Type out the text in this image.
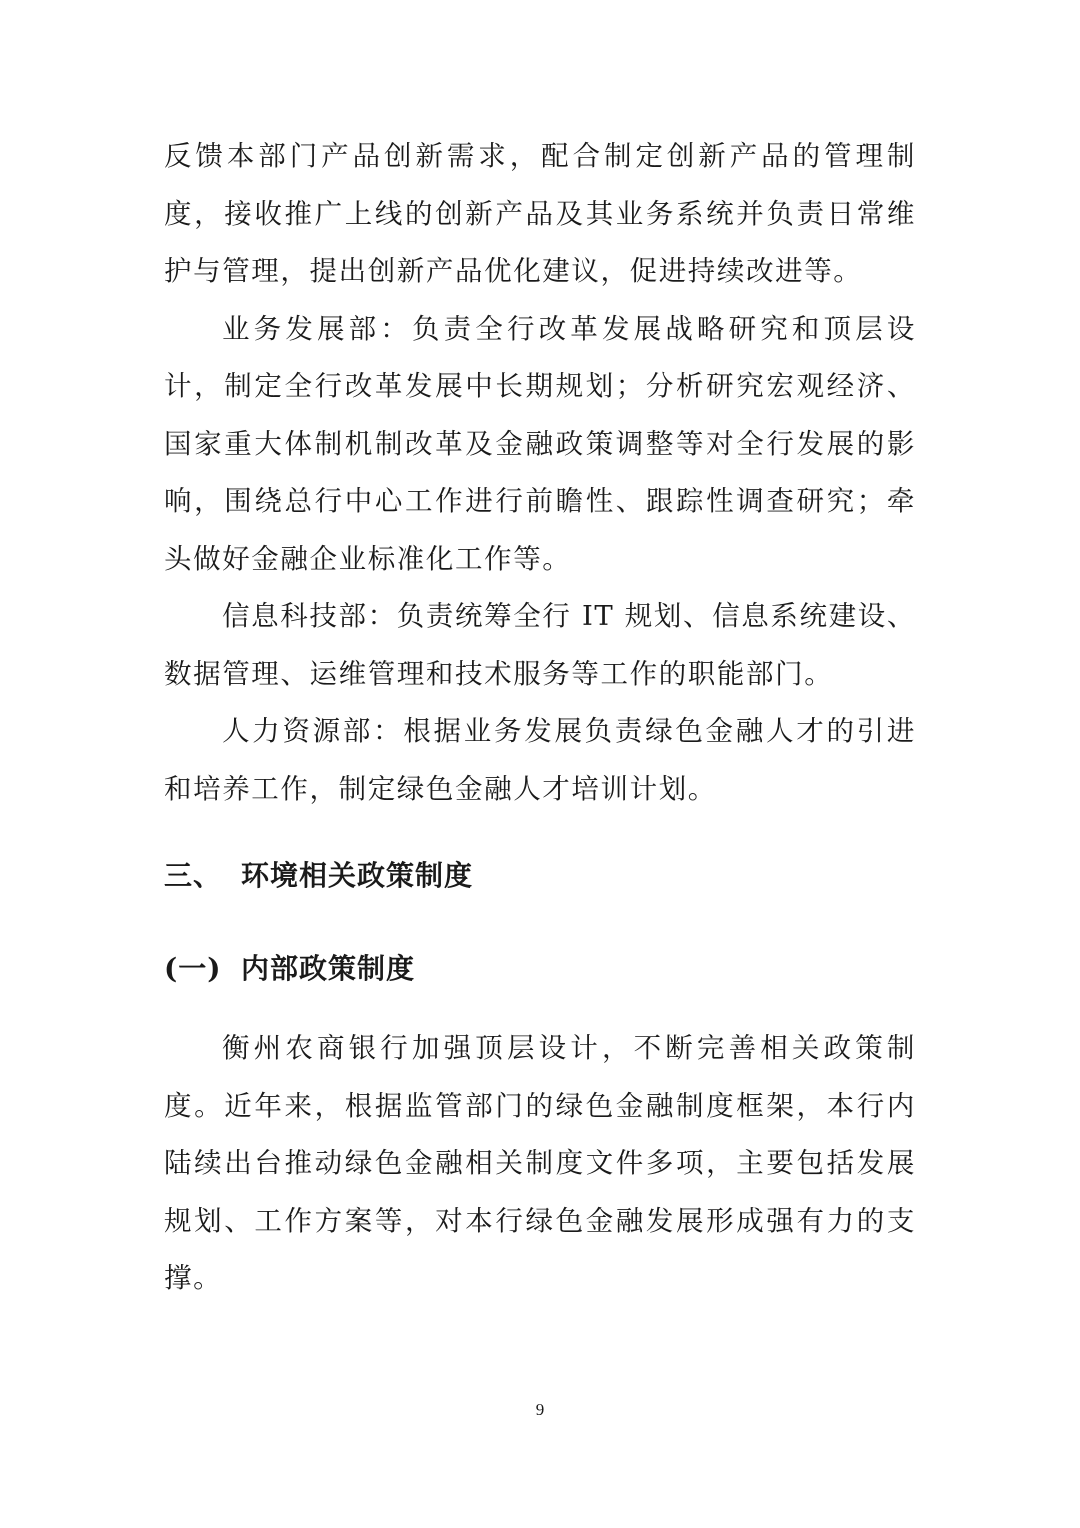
反馈本部门产品创新需求，配合制定创新产品的管理制度，接收推广上线的创新产品及其业务系统并负责日常维护与管理，提出创新产品优化建议，促进持续改进等。

业务发展部：负责全行改革发展战略研究和顶层设计，制定全行改革发展中长期规划；分析研究宏观经济、国家重大体制机制改革及金融政策调整等对全行发展的影响，围绕总行中心工作进行前瞻性、跟踪性调查研究；牵头做好金融企业标准化工作等。

信息科技部：负责统筹全行 IT 规划、信息系统建设、数据管理、运维管理和技术服务等工作的职能部门。

人力资源部：根据业务发展负责绿色金融人才的引进和培养工作，制定绿色金融人才培训计划。

三、 环境相关政策制度
(一) 内部政策制度

衡州农商银行加强顶层设计，不断完善相关政策制度。近年来，根据监管部门的绿色金融制度框架，本行内陆续出台推动绿色金融相关制度文件多项，主要包括发展规划、工作方案等，对本行绿色金融发展形成强有力的支撑。

9
